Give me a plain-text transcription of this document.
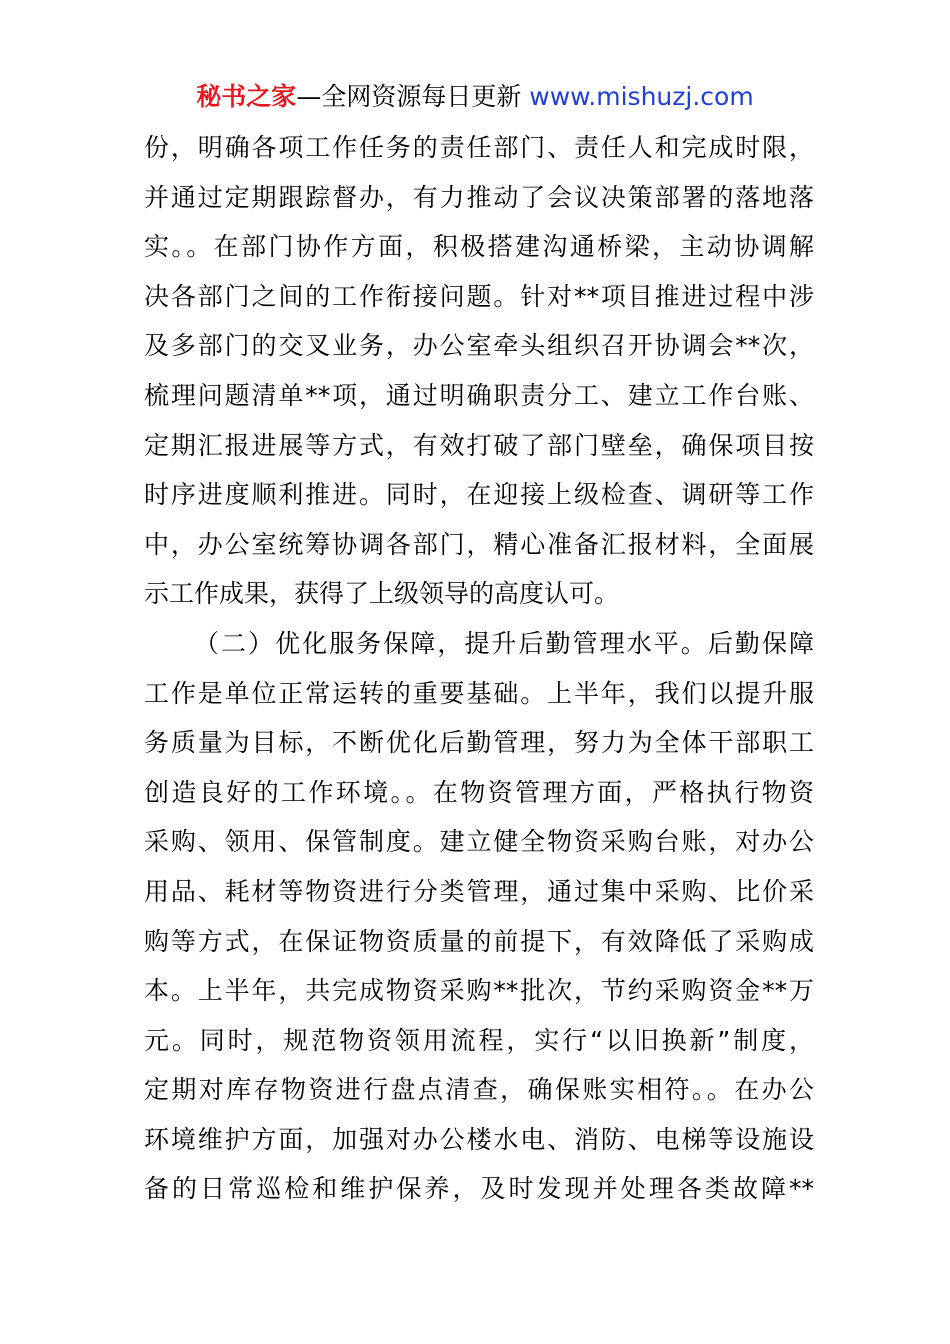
秘书之家—全网资源每日更新 www.mishuzj.com
份，明确各项工作任务的责任部门、责任人和完成时限，
并通过定期跟踪督办，有力推动了会议决策部署的落地落
实。。在部门协作方面，积极搭建沟通桥梁，主动协调解
决各部门之间的工作衔接问题。针对**项目推进过程中涉
及多部门的交叉业务，办公室牵头组织召开协调会**次，
梳理问题清单**项，通过明确职责分工、建立工作台账、
定期汇报进展等方式，有效打破了部门壁垒，确保项目按
时序进度顺利推进。同时，在迎接上级检查、调研等工作
中，办公室统筹协调各部门，精心准备汇报材料，全面展
示工作成果，获得了上级领导的高度认可。
（二）优化服务保障，提升后勤管理水平。后勤保障
工作是单位正常运转的重要基础。上半年，我们以提升服
务质量为目标，不断优化后勤管理，努力为全体干部职工
创造良好的工作环境。。在物资管理方面，严格执行物资
采购、领用、保管制度。建立健全物资采购台账，对办公
用品、耗材等物资进行分类管理，通过集中采购、比价采
购等方式，在保证物资质量的前提下，有效降低了采购成
本。上半年，共完成物资采购**批次，节约采购资金**万
元。同时，规范物资领用流程，实行“以旧换新”制度，
定期对库存物资进行盘点清查，确保账实相符。。在办公
环境维护方面，加强对办公楼水电、消防、电梯等设施设
备的日常巡检和维护保养，及时发现并处理各类故障**
